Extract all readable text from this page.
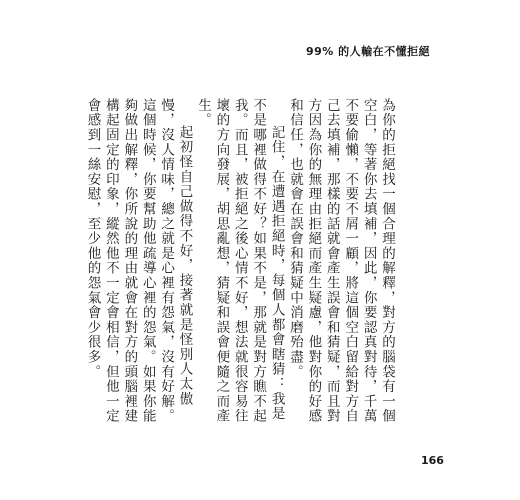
99% 的人輸在不懂拒絕

為你的拒絕找一個合理的解釋，對方的腦袋有一個空白，等著你去填補，因此，你要認真對待，千萬不要偷懶，不要不屑一顧，將這個空白留給對方自己去填補，那樣的話就會產生誤會和猜疑，而且對方因為你的無理由拒絕而產生疑慮，他對你的好感和信任，也就會在誤會和猜疑中消磨殆盡。

記住，在遭遇拒絕時，每個人都會瞎猜：我是不是哪裡做得不好？如果不是，那就是對方瞧不起我。而且，被拒絕之後心情不好，想法就很容易往壞的方向發展，胡思亂想，猜疑和誤會便隨之而產生。

起初怪自己做得不好，接著就是怪別人太傲慢，沒人情味，總之就是心裡有怨氣，沒有好解。這個時候，你要幫助他疏導心裡的怨氣。如果你能夠做出解釋，你所說的理由就會在對方的頭腦裡建構起固定的印象，縱然他不一定會相信，但他一定會感到一絲安慰，至少他的怨氣會少很多。

166
